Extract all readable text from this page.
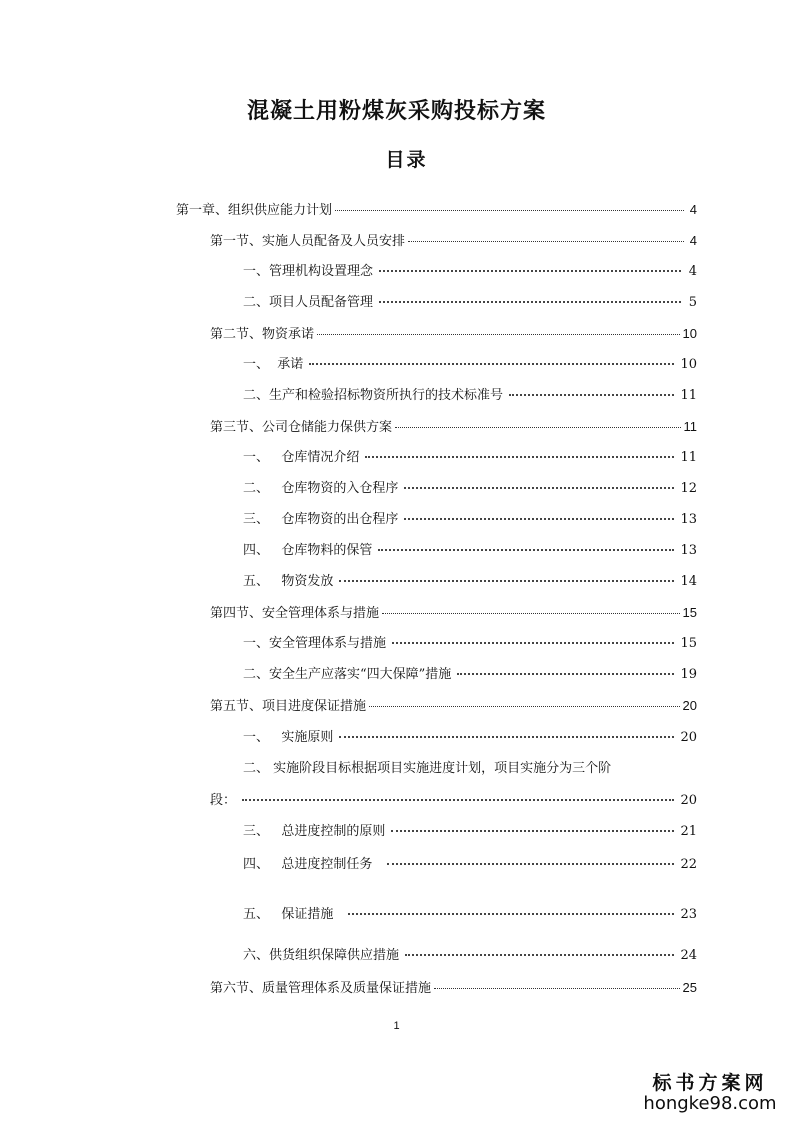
混凝土用粉煤灰采购投标方案
目录
第一章、组织供应能力计划	4
第一节、实施人员配备及人员安排	4
一、管理机构设置理念	4
二、项目人员配备管理	5
第二节、物资承诺	10
一、  承诺	10
二、生产和检验招标物资所执行的技术标准号	11
第三节、公司仓储能力保供方案	11
一、   仓库情况介绍	11
二、   仓库物资的入仓程序	12
三、   仓库物资的出仓程序	13
四、   仓库物料的保管	13
五、   物资发放	14
第四节、安全管理体系与措施	15
一、安全管理体系与措施	15
二、安全生产应落实“四大保障”措施	19
第五节、项目进度保证措施	20
一、   实施原则	20
二、 实施阶段目标根据项目实施进度计划，项目实施分为三个阶
段：	20
三、   总进度控制的原则	21
四、   总进度控制任务	22
五、   保证措施	23
六、供货组织保障供应措施	24
第六节、质量管理体系及质量保证措施	25
1
标书方案网
hongke98.com
